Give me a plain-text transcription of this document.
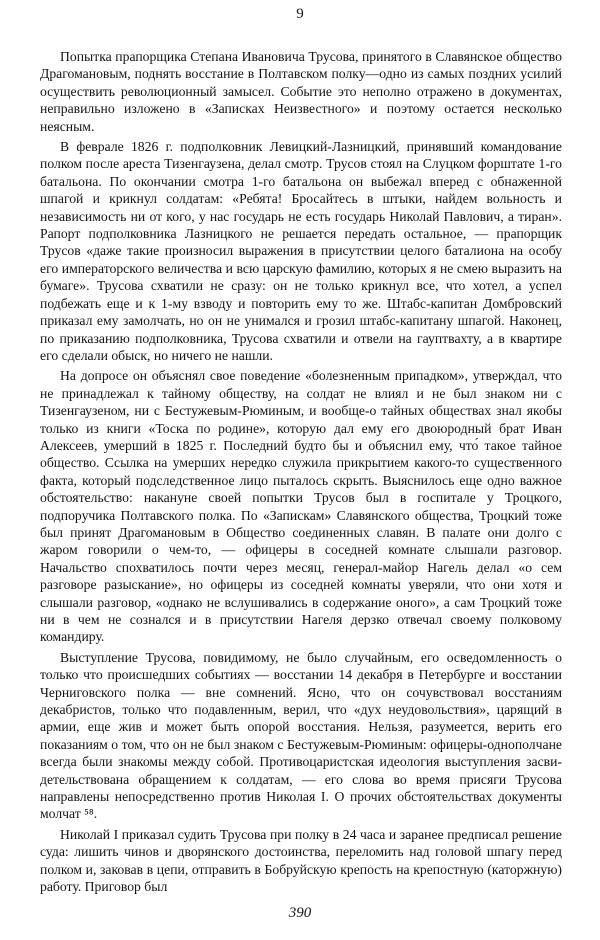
9

Попытка прапорщика Степана Ивановича Трусова, принятого в Славянское общество Драгомановым, поднять восстание в Полтавском полку—одно из самых поздних усилий осуществить революционный замысел. Событие это неполно отражено в документах, неправильно изложено в «Записках Неизвестного» и поэтому остается несколько неясным.

В феврале 1826 г. подполковник Левицкий-Лазницкий, принявший командование полком после ареста Тизенгаузена, делал смотр. Трусов стоял на Слуцком форштате 1-го батальона. По окончании смотра 1-го батальона он выбежал вперед с обнаженной шпагой и крикнул солдатам: «Ребята! Бросайтесь в штыки, найдем вольность и независимость ни от кого, у нас государь не есть государь Николай Павлович, а тиран». Рапорт подполковника Лазницкого не решается передать остальное, — прапорщик Трусов «даже такие произносил выражения в присутствии целого баталиона на особу его императорского величества и всю царскую фамилию, которых я не смею выразить на бумаге». Трусова схватили не сразу: он не только крикнул все, что хотел, а успел подбежать еще и к 1-му взводу и повторить ему то же. Штабс-капитан Домбровский приказал ему замолчать, но он не унимался и грозил штабс-капитану шпагой. Наконец, по приказанию подполковника, Трусова схватили и отвели на гауптвахту, а в квартире его сделали обыск, но ничего не нашли.

На допросе он объяснял свое поведение «болезненным припадком», утверждал, что не принадлежал к тайному обществу, на солдат не влиял и не был знаком ни с Тизенгаузеном, ни с Бестужевым-Рюминым, и вообще-о тайных обществах знал якобы только из книги «Тоска по родине», которую дал ему его двоюродный брат Иван Алексеев, умерший в 1825 г. Последний будто бы и объяснил ему, что́ такое тайное общество. Ссылка на умерших нередко служила прикрытием какого-то существенного факта, который подследственное лицо пыталось скрыть. Выяснилось еще одно важное обстоятельство: накануне своей попытки Трусов был в госпитале у Троцкого, подпоручика Полтавского полка. По «Запискам» Славянского общества, Троцкий тоже был принят Драгомановым в Общество соединенных славян. В палате они долго с жаром говорили о чем-то, — офицеры в соседней комнате слышали разговор. Начальство спохватилось почти через месяц, генерал-майор Нагель делал «о сем разговоре разыскание», но офицеры из соседней комнаты уверяли, что они хотя и слышали разговор, «однако не вслушивались в содержание оного», а сам Троцкий тоже ни в чем не сознался и в присутствии Нагеля дерзко отвечал своему полковому командиру.

Выступление Трусова, повидимому, не было случайным, его осведомленность о только что происшедших событиях — восстании 14 декабря в Петербурге и восстании Черниговского полка — вне сомнений. Ясно, что он сочувствовал восстаниям декабристов, только что подавленным, верил, что «дух неудовольствия», царящий в армии, еще жив и может быть опорой восстания. Нельзя, разумеется, верить его показаниям о том, что он не был знаком с Бестужевым-Рюминым: офицеры-однополчане всегда были знакомы между собой. Противоцаристская идеология выступления засвидетельствована обращением к солдатам, — его слова во время присяги Трусова направлены непосредственно против Николая I. О прочих обстоятельствах документы молчат ⁵⁸.

Николай I приказал судить Трусова при полку в 24 часа и заранее предписал решение суда: лишить чинов и дворянского достоинства, переломить над головой шпагу перед полком и, заковав в цепи, отправить в Бобруйскую крепость на крепостную (каторжную) работу. Приговор был

390
